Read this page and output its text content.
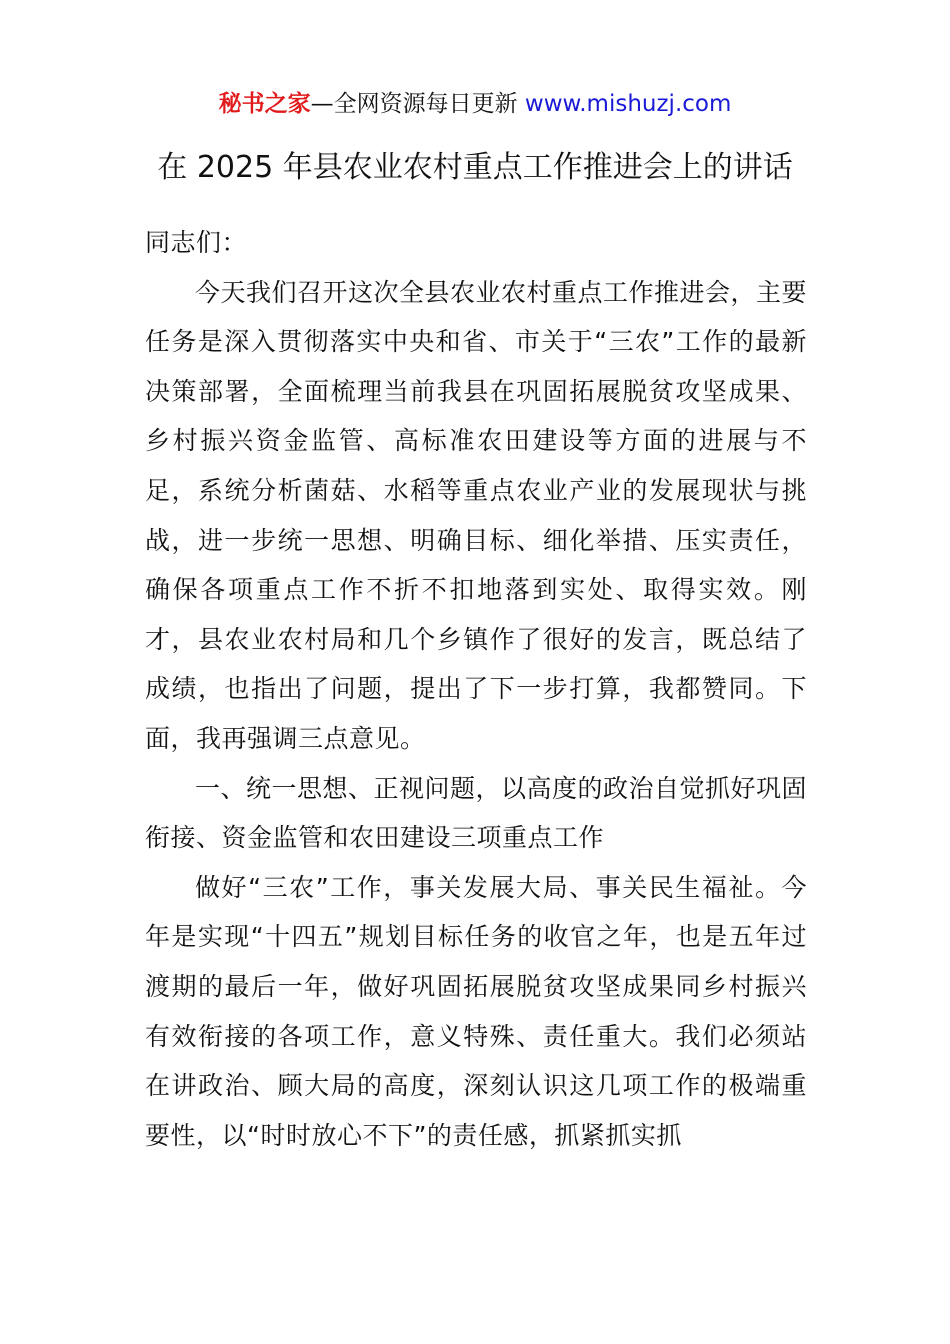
秘书之家—全网资源每日更新 www.mishuzj.com
在 2025 年县农业农村重点工作推进会上的讲话

同志们：

今天我们召开这次全县农业农村重点工作推进会，主要任务是深入贯彻落实中央和省、市关于“三农”工作的最新决策部署，全面梳理当前我县在巩固拓展脱贫攻坚成果、乡村振兴资金监管、高标准农田建设等方面的进展与不足，系统分析菌菇、水稻等重点农业产业的发展现状与挑战，进一步统一思想、明确目标、细化举措、压实责任，确保各项重点工作不折不扣地落到实处、取得实效。刚才，县农业农村局和几个乡镇作了很好的发言，既总结了成绩，也指出了问题，提出了下一步打算，我都赞同。下面，我再强调三点意见。

一、统一思想、正视问题，以高度的政治自觉抓好巩固衔接、资金监管和农田建设三项重点工作

做好“三农”工作，事关发展大局、事关民生福祉。今年是实现“十四五”规划目标任务的收官之年，也是五年过渡期的最后一年，做好巩固拓展脱贫攻坚成果同乡村振兴有效衔接的各项工作，意义特殊、责任重大。我们必须站在讲政治、顾大局的高度，深刻认识这几项工作的极端重要性，以“时时放心不下”的责任感，抓紧抓实抓
